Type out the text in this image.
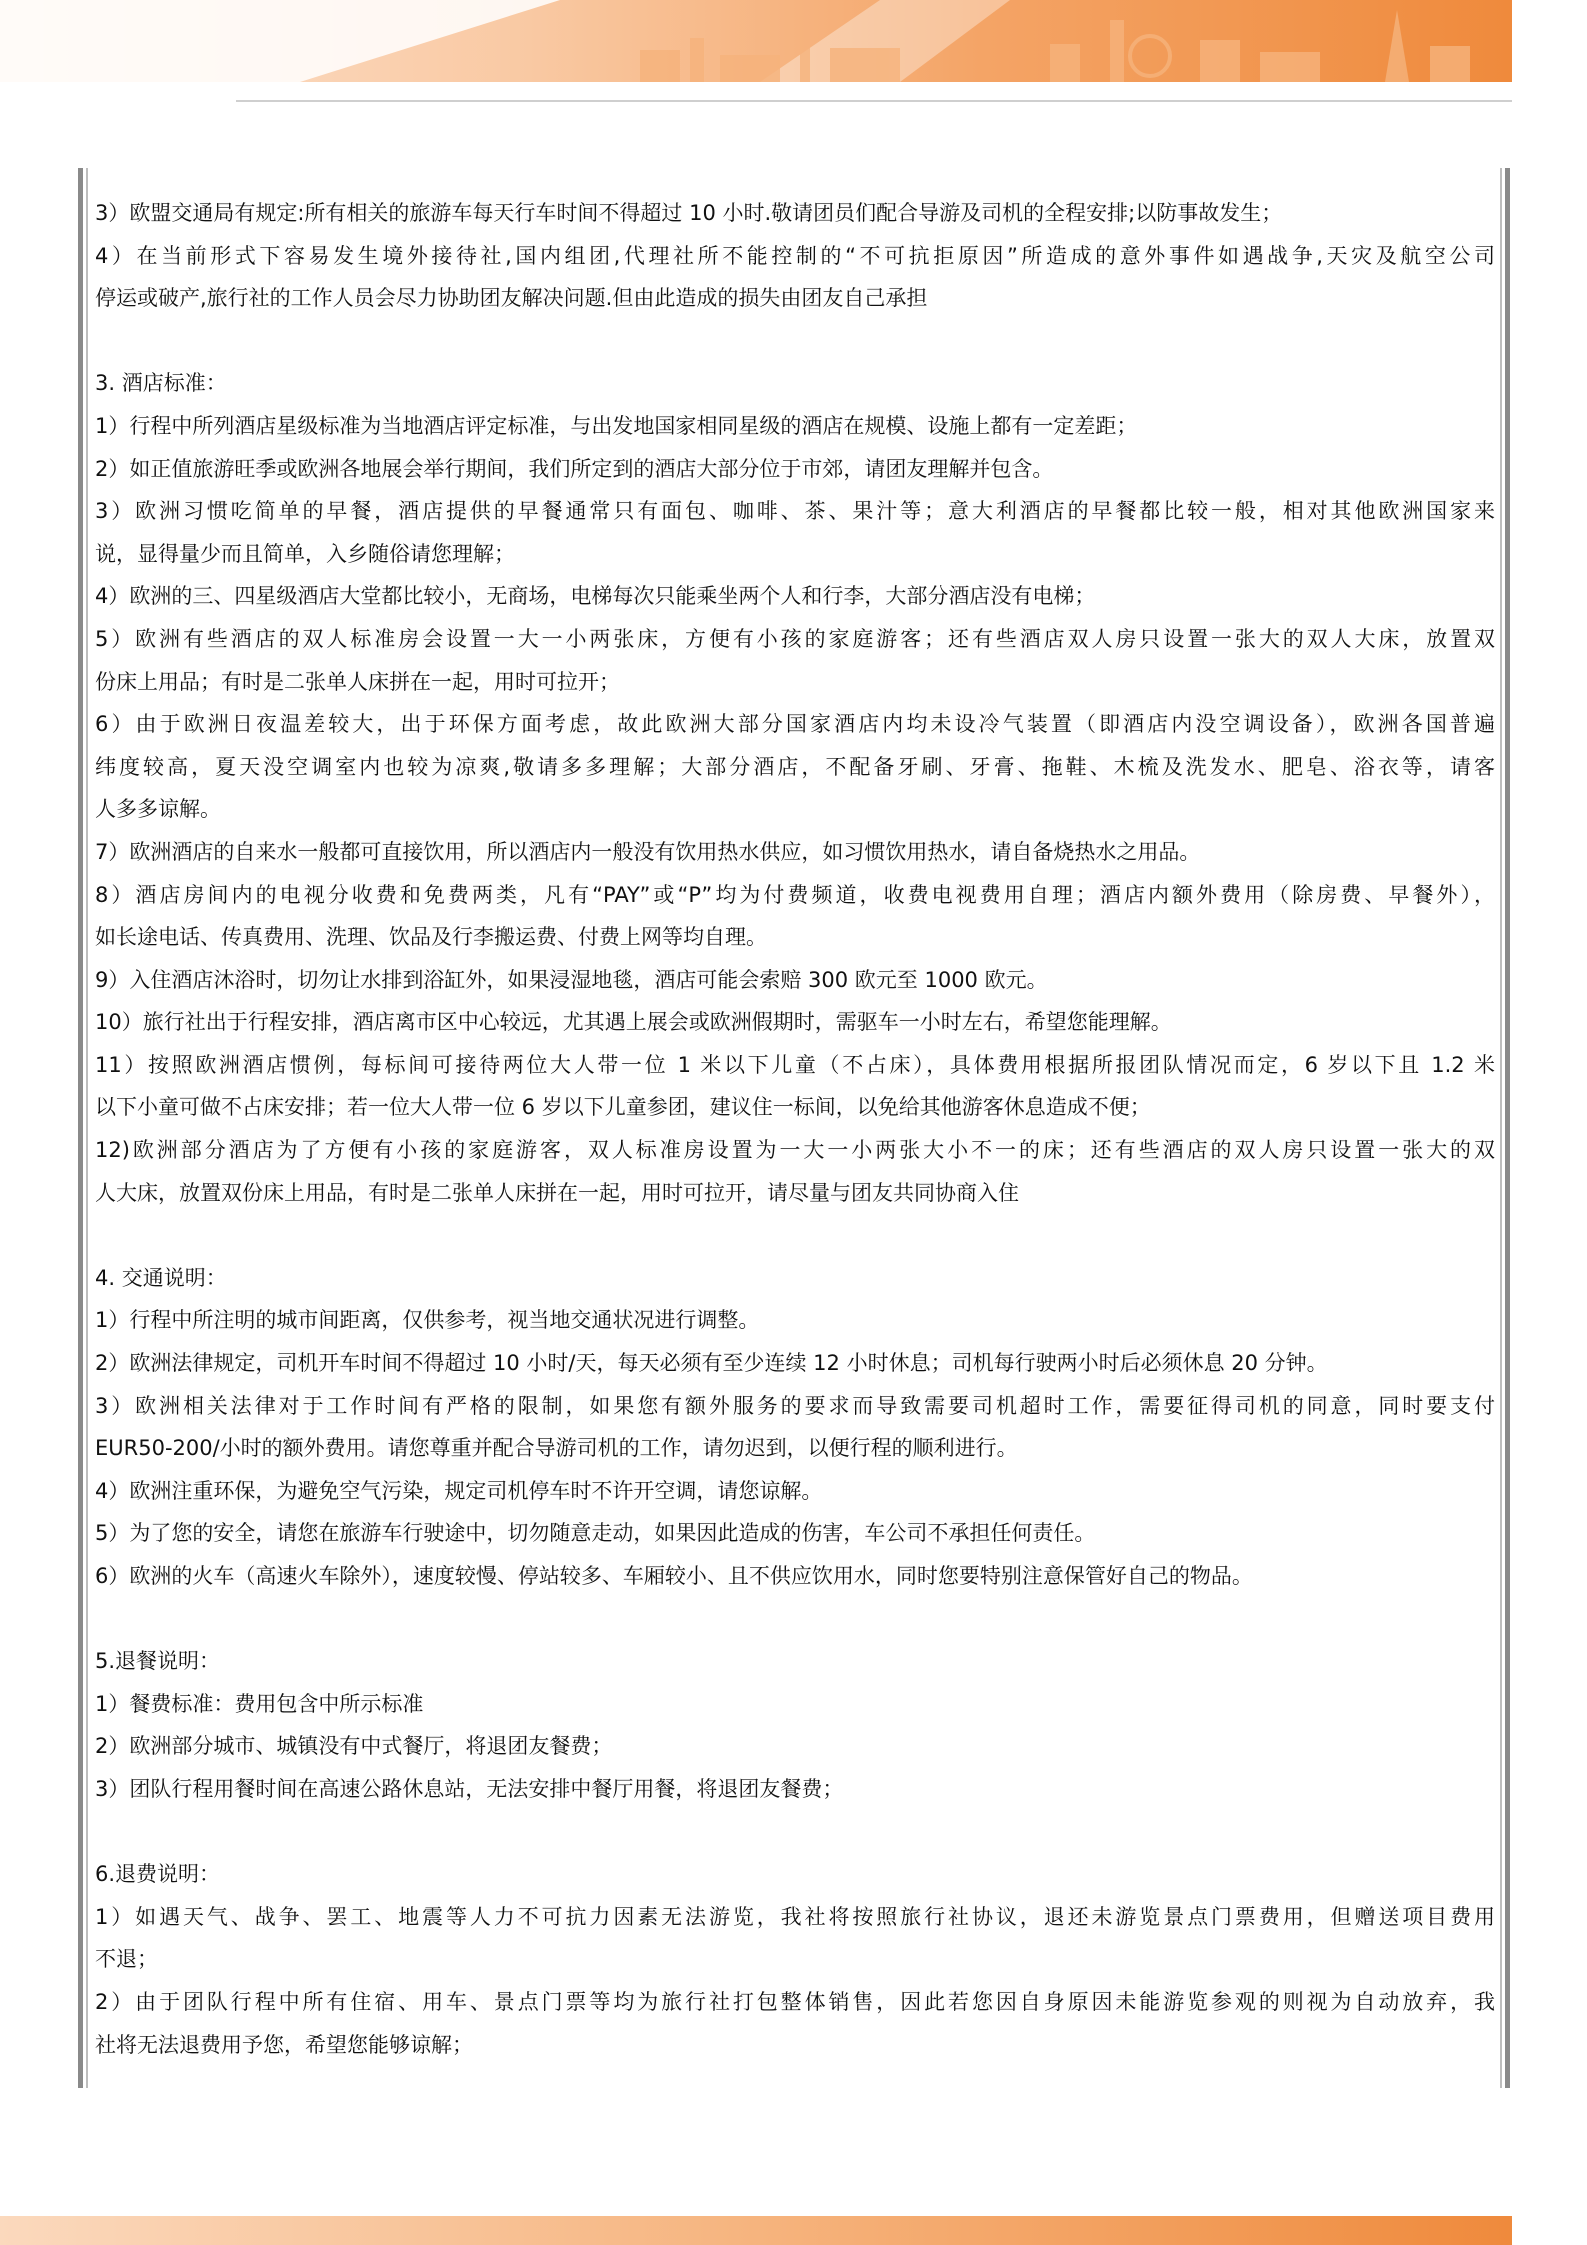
3）欧盟交通局有规定:所有相关的旅游车每天行车时间不得超过 10 小时.敬请团员们配合导游及司机的全程安排;以防事故发生；
4）在当前形式下容易发生境外接待社,国内组团,代理社所不能控制的“不可抗拒原因”所造成的意外事件如遇战争,天灾及航空公司
停运或破产,旅行社的工作人员会尽力协助团友解决问题.但由此造成的损失由团友自己承担
3. 酒店标准：
1）行程中所列酒店星级标准为当地酒店评定标准，与出发地国家相同星级的酒店在规模、设施上都有一定差距；
2）如正值旅游旺季或欧洲各地展会举行期间，我们所定到的酒店大部分位于市郊，请团友理解并包含。
3）欧洲习惯吃简单的早餐，酒店提供的早餐通常只有面包、咖啡、茶、果汁等；意大利酒店的早餐都比较一般，相对其他欧洲国家来
说，显得量少而且简单，入乡随俗请您理解；
4）欧洲的三、四星级酒店大堂都比较小，无商场，电梯每次只能乘坐两个人和行李，大部分酒店没有电梯；
5）欧洲有些酒店的双人标准房会设置一大一小两张床，方便有小孩的家庭游客；还有些酒店双人房只设置一张大的双人大床，放置双
份床上用品；有时是二张单人床拼在一起，用时可拉开；
6）由于欧洲日夜温差较大，出于环保方面考虑，故此欧洲大部分国家酒店内均未设冷气装置（即酒店内没空调设备），欧洲各国普遍
纬度较高，夏天没空调室内也较为凉爽,敬请多多理解；大部分酒店，不配备牙刷、牙膏、拖鞋、木梳及洗发水、肥皂、浴衣等，请客
人多多谅解。
7）欧洲酒店的自来水一般都可直接饮用，所以酒店内一般没有饮用热水供应，如习惯饮用热水，请自备烧热水之用品。
8）酒店房间内的电视分收费和免费两类，凡有“PAY”或“P”均为付费频道，收费电视费用自理；酒店内额外费用（除房费、早餐外），
如长途电话、传真费用、洗理、饮品及行李搬运费、付费上网等均自理。
9）入住酒店沐浴时，切勿让水排到浴缸外，如果浸湿地毯，酒店可能会索赔 300 欧元至 1000 欧元。
10）旅行社出于行程安排，酒店离市区中心较远，尤其遇上展会或欧洲假期时，需驱车一小时左右，希望您能理解。
11）按照欧洲酒店惯例，每标间可接待两位大人带一位 1 米以下儿童（不占床），具体费用根据所报团队情况而定，6 岁以下且 1.2 米
以下小童可做不占床安排；若一位大人带一位 6 岁以下儿童参团，建议住一标间，以免给其他游客休息造成不便；
12)欧洲部分酒店为了方便有小孩的家庭游客，双人标准房设置为一大一小两张大小不一的床；还有些酒店的双人房只设置一张大的双
人大床，放置双份床上用品，有时是二张单人床拼在一起，用时可拉开，请尽量与团友共同协商入住
4. 交通说明：
1）行程中所注明的城市间距离，仅供参考，视当地交通状况进行调整。
2）欧洲法律规定，司机开车时间不得超过 10 小时/天，每天必须有至少连续 12 小时休息；司机每行驶两小时后必须休息 20 分钟。
3）欧洲相关法律对于工作时间有严格的限制，如果您有额外服务的要求而导致需要司机超时工作，需要征得司机的同意，同时要支付
EUR50-200/小时的额外费用。请您尊重并配合导游司机的工作，请勿迟到，以便行程的顺利进行。
4）欧洲注重环保，为避免空气污染，规定司机停车时不许开空调，请您谅解。
5）为了您的安全，请您在旅游车行驶途中，切勿随意走动，如果因此造成的伤害，车公司不承担任何责任。
6）欧洲的火车（高速火车除外），速度较慢、停站较多、车厢较小、且不供应饮用水，同时您要特别注意保管好自己的物品。
5.退餐说明：
1）餐费标准：费用包含中所示标准
2）欧洲部分城市、城镇没有中式餐厅，将退团友餐费；
3）团队行程用餐时间在高速公路休息站，无法安排中餐厅用餐，将退团友餐费；
6.退费说明：
1）如遇天气、战争、罢工、地震等人力不可抗力因素无法游览，我社将按照旅行社协议，退还未游览景点门票费用，但赠送项目费用
不退；
2）由于团队行程中所有住宿、用车、景点门票等均为旅行社打包整体销售，因此若您因自身原因未能游览参观的则视为自动放弃，我
社将无法退费用予您，希望您能够谅解；
